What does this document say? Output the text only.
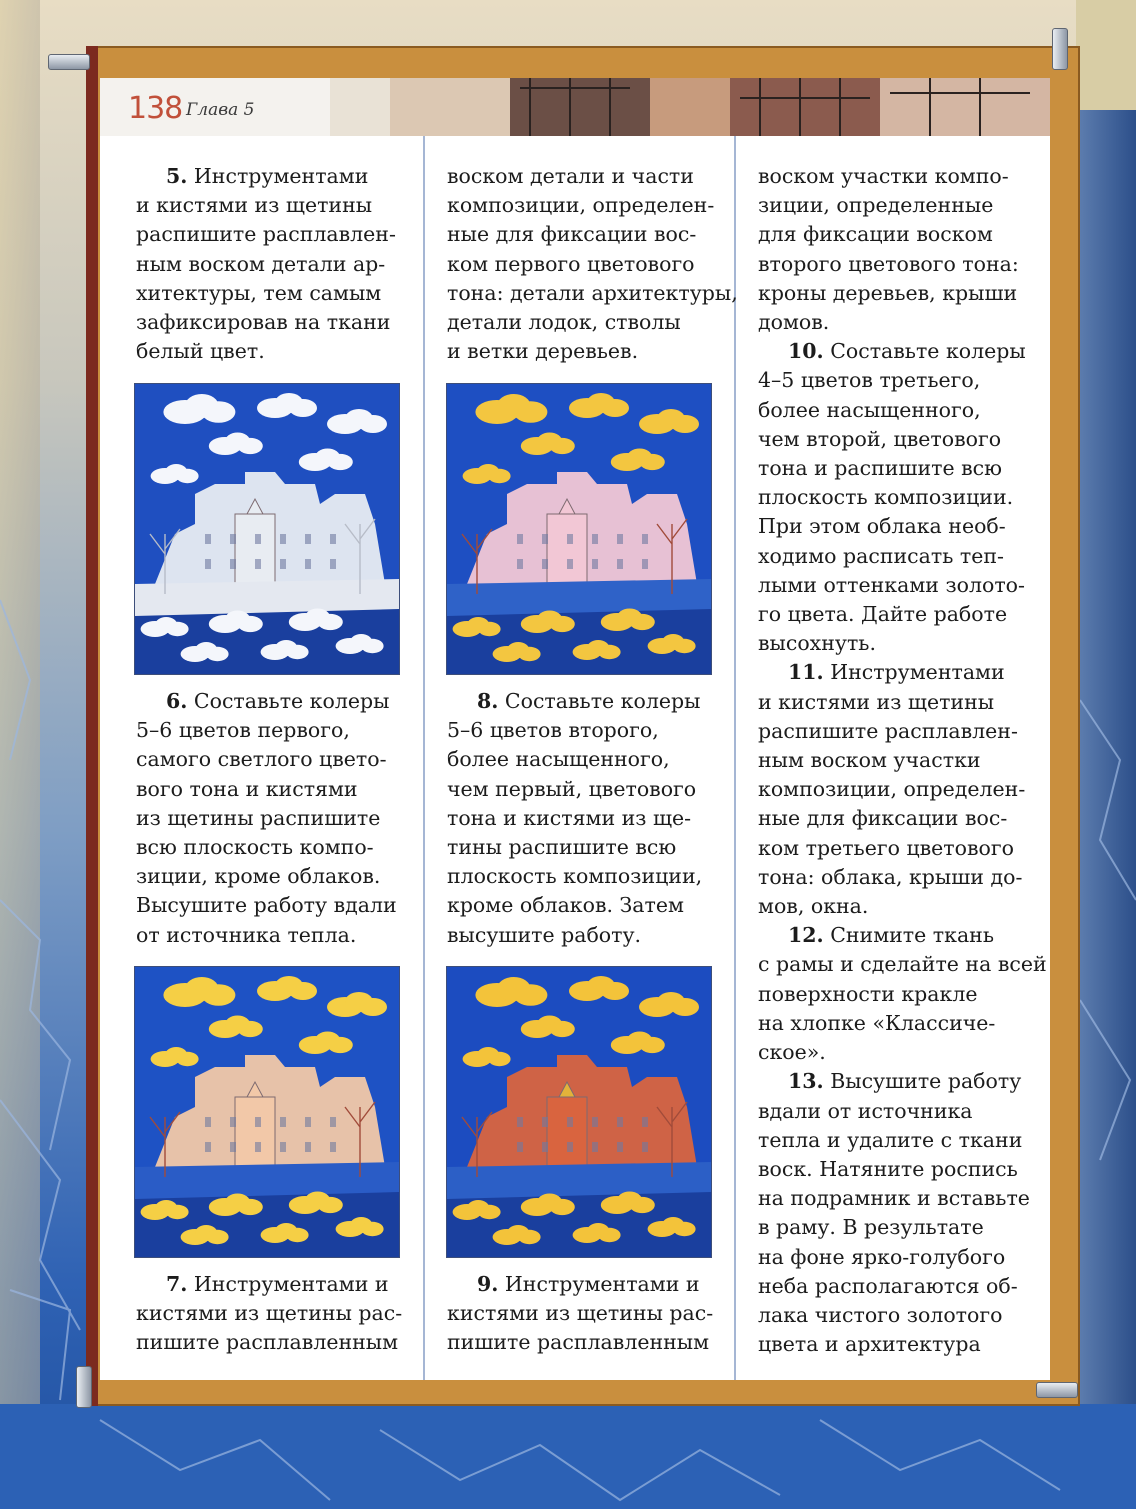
138 Глава 5

5. Инструментами

и кистями из щетины

распишите расплавлен-

ным воском детали ар-

хитектуры, тем самым

зафиксировав на ткани

белый цвет.

6. Составьте колеры

5–6 цветов первого,

самого светлого цвето-

вого тона и кистями

из щетины распишите

всю плоскость компо-

зиции, кроме облаков.

Высушите работу вдали

от источника тепла.

7. Инструментами и

кистями из щетины рас-

пишите расплавленным

воском детали и части

композиции, определен-

ные для фиксации вос-

ком первого цветового

тона: детали архитектуры,

детали лодок, стволы

и ветки деревьев.

8. Составьте колеры

5–6 цветов второго,

более насыщенного,

чем первый, цветового

тона и кистями из ще-

тины распишите всю

плоскость композиции,

кроме облаков. Затем

высушите работу.

9. Инструментами и

кистями из щетины рас-

пишите расплавленным

воском участки компо-

зиции, определенные

для фиксации воском

второго цветового тона:

кроны деревьев, крыши

домов.

10. Составьте колеры

4–5 цветов третьего,

более насыщенного,

чем второй, цветового

тона и распишите всю

плоскость композиции.

При этом облака необ-

ходимо расписать теп-

лыми оттенками золото-

го цвета. Дайте работе

высохнуть.

11. Инструментами

и кистями из щетины

распишите расплавлен-

ным воском участки

композиции, определен-

ные для фиксации вос-

ком третьего цветового

тона: облака, крыши до-

мов, окна.

12. Снимите ткань

с рамы и сделайте на всей

поверхности кракле

на хлопке «Классиче-

ское».

13. Высушите работу

вдали от источника

тепла и удалите с ткани

воск. Натяните роспись

на подрамник и вставьте

в раму. В результате

на фоне ярко-голубого

неба располагаются об-

лака чистого золотого

цвета и архитектура
